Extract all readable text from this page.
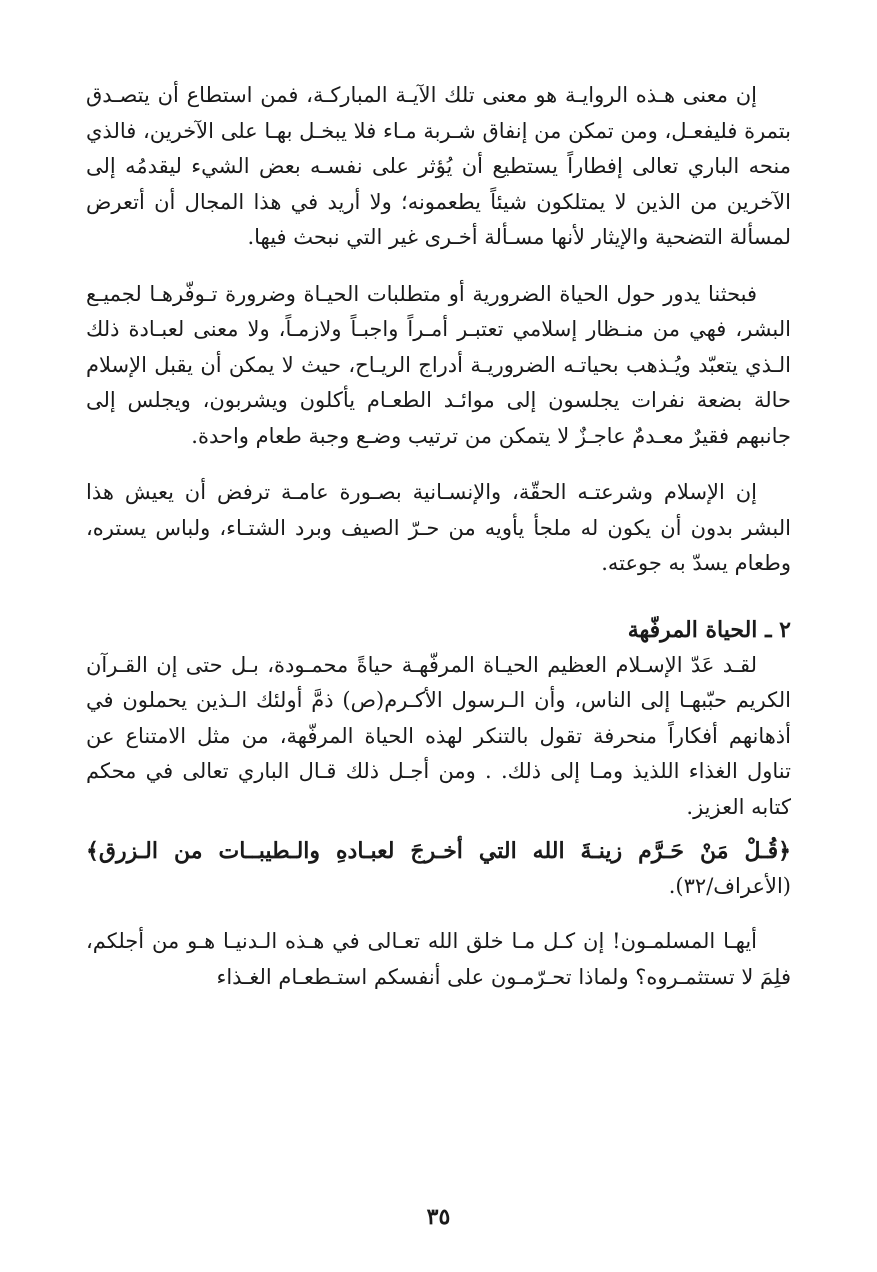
إن معنى هـذه الروايـة هو معنى تلك الآيـة المباركـة، فمن استطاع أن يتصـدق بتمرة فليفعـل، ومن تمكن من إنفاق شـربة مـاء فلا يبخـل بهـا على الآخرين، فالذي منحه الباري تعالى إفطاراً يستطيع أن يُؤثر على نفسـه بعض الشيء ليقدمُه إلى الآخرين من الذين لا يمتلكون شيئاً يطعمونه؛ ولا أريد في هذا المجال أن أتعرض لمسألة التضحية والإيثار لأنها مسـألة أخـرى غير التي نبحث فيها.

فبحثنا يدور حول الحياة الضرورية أو متطلبات الحيـاة وضرورة تـوفّرهـا لجميـع البشر، فهي من منـظار إسلامي تعتبـر أمـراً واجبـاً ولازمـاً، ولا معنى لعبـادة ذلك الـذي يتعبّد ويُـذهب بحياتـه الضروريـة أدراج الريـاح، حيث لا يمكن أن يقبل الإسلام حالة بضعة نفرات يجلسون إلى موائـد الطعـام يأكلون ويشربون، ويجلس إلى جانبهم فقيرٌ معـدمٌ عاجـزٌ لا يتمكن من ترتيب وضـع وجبة طعام واحدة.

إن الإسلام وشرعتـه الحقّة، والإنسـانية بصـورة عامـة ترفض أن يعيش هذا البشر بدون أن يكون له ملجأ يأويه من حـرّ الصيف وبرد الشتـاء، ولباس يستره، وطعام يسدّ به جوعته.

٢ ـ الحياة المرفّهة

لقـد عَدّ الإسـلام العظيم الحيـاة المرفّهـة حياةً محمـودة، بـل حتى إن القـرآن الكريم حبّبهـا إلى الناس، وأن الـرسول الأكـرم(ص) ذمَّ أولئك الـذين يحملون في أذهانهم أفكاراً منحرفة تقول بالتنكر لهذه الحياة المرفّهة، من مثل الامتناع عن تناول الغذاء اللذيذ ومـا إلى ذلك. . ومن أجـل ذلك قـال الباري تعالى في محكم كتابه العزيز.

﴿قُـلْ مَنْ حَـرَّم زينـةَ الله التي أخـرجَ لعبـادهِ والـطيبــات من الـزرق﴾

(الأعراف/٣٢).

أيهـا المسلمـون! إن كـل مـا خلق الله تعـالى في هـذه الـدنيـا هـو من أجلكم، فلِمَ لا تستثمـروه؟ ولماذا تحـرّمـون على أنفسكم استـطعـام الغـذاء

٣٥
